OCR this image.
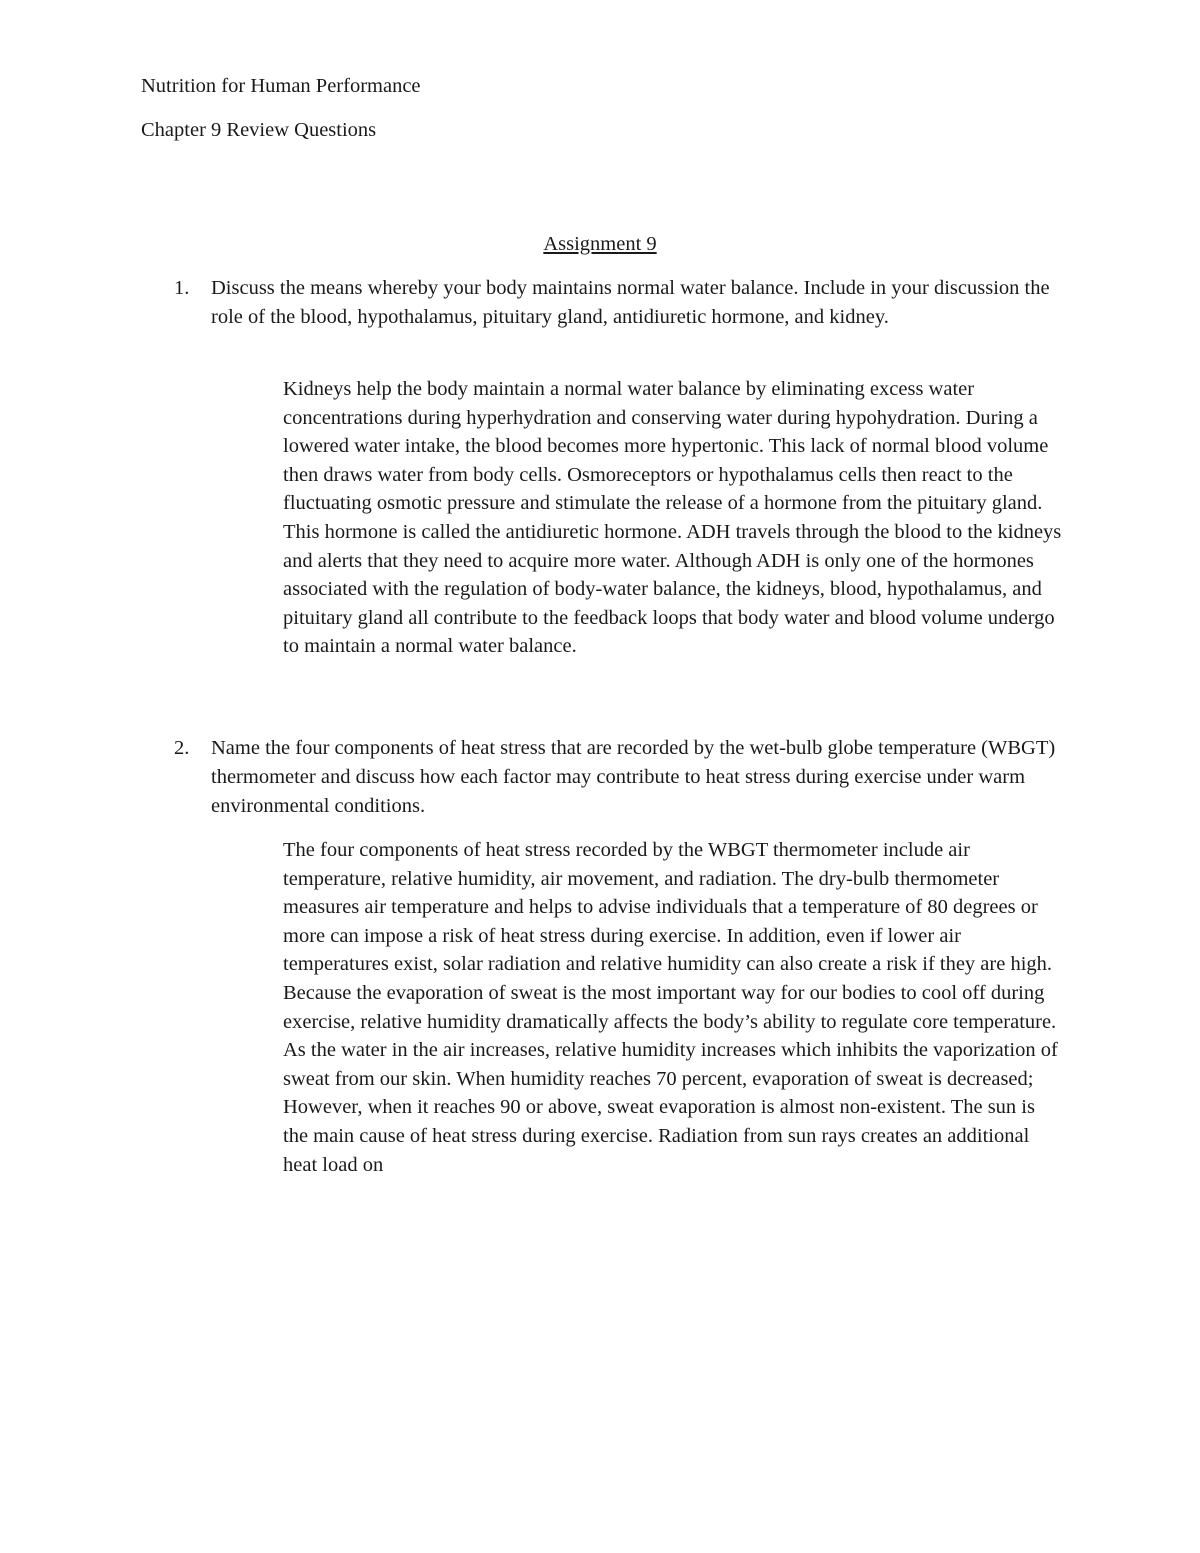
Nutrition for Human Performance
Chapter 9 Review Questions
Assignment 9
1. Discuss the means whereby your body maintains normal water balance. Include in your discussion the role of the blood, hypothalamus, pituitary gland, antidiuretic hormone, and kidney.
Kidneys help the body maintain a normal water balance by eliminating excess water concentrations during hyperhydration and conserving water during hypohydration. During a lowered water intake, the blood becomes more hypertonic. This lack of normal blood volume then draws water from body cells. Osmoreceptors or hypothalamus cells then react to the fluctuating osmotic pressure and stimulate the release of a hormone from the pituitary gland. This hormone is called the antidiuretic hormone. ADH travels through the blood to the kidneys and alerts that they need to acquire more water. Although ADH is only one of the hormones associated with the regulation of body-water balance, the kidneys, blood, hypothalamus, and pituitary gland all contribute to the feedback loops that body water and blood volume undergo to maintain a normal water balance.
2. Name the four components of heat stress that are recorded by the wet-bulb globe temperature (WBGT) thermometer and discuss how each factor may contribute to heat stress during exercise under warm environmental conditions.
The four components of heat stress recorded by the WBGT thermometer include air temperature, relative humidity, air movement, and radiation. The dry-bulb thermometer measures air temperature and helps to advise individuals that a temperature of 80 degrees or more can impose a risk of heat stress during exercise. In addition, even if lower air temperatures exist, solar radiation and relative humidity can also create a risk if they are high. Because the evaporation of sweat is the most important way for our bodies to cool off during exercise, relative humidity dramatically affects the body’s ability to regulate core temperature. As the water in the air increases, relative humidity increases which inhibits the vaporization of sweat from our skin. When humidity reaches 70 percent, evaporation of sweat is decreased; However, when it reaches 90 or above, sweat evaporation is almost non-existent. The sun is the main cause of heat stress during exercise. Radiation from sun rays creates an additional heat load on
